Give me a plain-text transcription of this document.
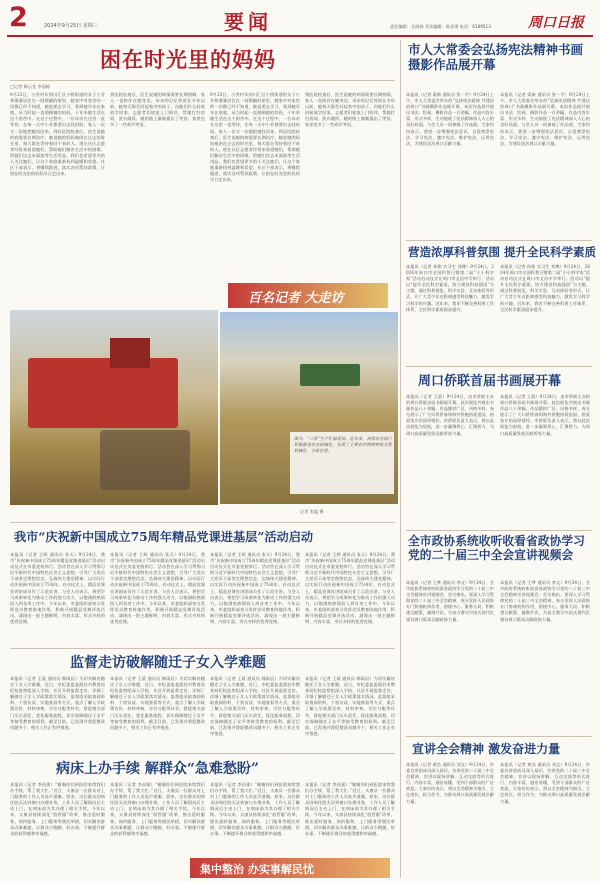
2	2024年9月25日 星期三	要闻	责任编辑：凡丽娟 美术编辑：陈亚琪 电话：6189513	周口日报
困在时光里的妈妈
□记者 韩云龙 李国栋
9月23日，小洪村年到川汇区小桥街道的女子小芳和婆婆居住在一间简陋的屋里，她家中对家里的一切都已经不知道，她是要去学习，看到她早年在家庭，从当时起一直照顾她的妈妈，十年来她生活在这个困苦中。在这个过程中，一位母亲在这里一直等待，在每一天中小芳都要出去找妈妈，家人一次又一次地把她找回来。到县医院检查后，医生说她的病需要长期治疗。她说她的妈妈被困在过去的时光里，每天都在等待着回不来的人。现在社区志愿者经常来看望她们，帮助她们解决生活中的困难，给她们送去米面油等生活用品。我们也希望更多的人关注她们，让这个家庭重新找到温暖和希望。社区干部表示，将继续跟进，落实各项帮扶政策，让困在时光里的妈妈早日走出来。
到医院检查后，医生说她的病情需要长期照顾，家人一直陪伴在她身边。母亲的记忆停留在多年以前，她每天都会问起家中的孩子，问他们什么时候放学回家。志愿者们轮流上门陪伴，帮她打扫房间、洗衣做饭。她的脸上渐渐露出了笑容，家里也多了一些欢声笑语。
9月23日，小洪村年到川汇区小桥街道的女子小芳和婆婆居住在一间简陋的屋里，她家中对家里的一切都已经不知道，她是要去学习，看到她早年在家庭，从当时起一直照顾她的妈妈，十年来她生活在这个困苦中。在这个过程中，一位母亲在这里一直等待，在每一天中小芳都要出去找妈妈，家人一次又一次地把她找回来。到县医院检查后，医生说她的病需要长期治疗。她说她的妈妈被困在过去的时光里，每天都在等待着回不来的人。现在社区志愿者经常来看望她们，帮助她们解决生活中的困难，给她们送去米面油等生活用品。我们也希望更多的人关注她们，让这个家庭重新找到温暖和希望。社区干部表示，将继续跟进，落实各项帮扶政策，让困在时光里的妈妈早日走出来。
到医院检查后，医生说她的病情需要长期照顾，家人一直陪伴在她身边。母亲的记忆停留在多年以前，她每天都会问起家中的孩子，问他们什么时候放学回家。志愿者们轮流上门陪伴，帮她打扫房间、洗衣做饭。她的脸上渐渐露出了笑容，家里也多了一些欢声笑语。
百名记者 大走访
图为：“三秋”生产忙碌现场。近年来，各级农业部门积极推进农业机械化，实现了主要农作物耕种收全程机械化，丰收在望。
记者 张猛 摄
我市“庆祝新中国成立75周年精品党课进基层”活动启动
本报讯（记者 王辉 通讯员 张天）9月24日，我市“庆祝新中国成立75周年精品党课进基层”活动启动仪式在市委党校举行。活动旨在深入学习贯彻习近平新时代中国特色社会主义思想，引导广大党员干部坚定理想信念，弘扬伟大建党精神，以实际行动庆祝新中国成立75周年。启动仪式上，精品党课宣讲团成员作了示范宣讲。与会人员表示，将把学习成果转化为推动工作的强大动力，以饱满的热情投入到各项工作中。今年以来，市委组织部充分发挥党员教育阵地作用，积极开展精品党课评选活动，涌现出一批主题鲜明、内容丰富、形式多样的优秀党课。
本报讯（记者 王辉 通讯员 张天）9月24日，我市“庆祝新中国成立75周年精品党课进基层”活动启动仪式在市委党校举行。活动旨在深入学习贯彻习近平新时代中国特色社会主义思想，引导广大党员干部坚定理想信念，弘扬伟大建党精神，以实际行动庆祝新中国成立75周年。启动仪式上，精品党课宣讲团成员作了示范宣讲。与会人员表示，将把学习成果转化为推动工作的强大动力，以饱满的热情投入到各项工作中。今年以来，市委组织部充分发挥党员教育阵地作用，积极开展精品党课评选活动，涌现出一批主题鲜明、内容丰富、形式多样的优秀党课。
本报讯（记者 王辉 通讯员 张天）9月24日，我市“庆祝新中国成立75周年精品党课进基层”活动启动仪式在市委党校举行。活动旨在深入学习贯彻习近平新时代中国特色社会主义思想，引导广大党员干部坚定理想信念，弘扬伟大建党精神，以实际行动庆祝新中国成立75周年。启动仪式上，精品党课宣讲团成员作了示范宣讲。与会人员表示，将把学习成果转化为推动工作的强大动力，以饱满的热情投入到各项工作中。今年以来，市委组织部充分发挥党员教育阵地作用，积极开展精品党课评选活动，涌现出一批主题鲜明、内容丰富、形式多样的优秀党课。
本报讯（记者 王辉 通讯员 张天）9月24日，我市“庆祝新中国成立75周年精品党课进基层”活动启动仪式在市委党校举行。活动旨在深入学习贯彻习近平新时代中国特色社会主义思想，引导广大党员干部坚定理想信念，弘扬伟大建党精神，以实际行动庆祝新中国成立75周年。启动仪式上，精品党课宣讲团成员作了示范宣讲。与会人员表示，将把学习成果转化为推动工作的强大动力，以饱满的热情投入到各项工作中。今年以来，市委组织部充分发挥党员教育阵地作用，积极开展精品党课评选活动，涌现出一批主题鲜明、内容丰富、形式多样的优秀党课。
监督走访破解随迁子女入学难题
本报讯（记者 王晨 通讯员 韩雨辰）为切实解决随迁子女入学难题，近日，市纪委监委派驻市教育局纪检监察组深入学校、社区开展监督走访，详细了解随迁子女入学政策落实情况。监督组采取查阅资料、个别访谈、实地查看等方式，重点了解入学政策宣传、材料审核、学位分配等环节，督促相关部门压实责任，优化服务流程，切实保障随迁子女平等接受教育的权利。截至目前，已发现并督促整改问题多个，相关工作正有序推进。
本报讯（记者 王晨 通讯员 韩雨辰）为切实解决随迁子女入学难题，近日，市纪委监委派驻市教育局纪检监察组深入学校、社区开展监督走访，详细了解随迁子女入学政策落实情况。监督组采取查阅资料、个别访谈、实地查看等方式，重点了解入学政策宣传、材料审核、学位分配等环节，督促相关部门压实责任，优化服务流程，切实保障随迁子女平等接受教育的权利。截至目前，已发现并督促整改问题多个，相关工作正有序推进。
本报讯（记者 王晨 通讯员 韩雨辰）为切实解决随迁子女入学难题，近日，市纪委监委派驻市教育局纪检监察组深入学校、社区开展监督走访，详细了解随迁子女入学政策落实情况。监督组采取查阅资料、个别访谈、实地查看等方式，重点了解入学政策宣传、材料审核、学位分配等环节，督促相关部门压实责任，优化服务流程，切实保障随迁子女平等接受教育的权利。截至目前，已发现并督促整改问题多个，相关工作正有序推进。
本报讯（记者 王晨 通讯员 韩雨辰）为切实解决随迁子女入学难题，近日，市纪委监委派驻市教育局纪检监察组深入学校、社区开展监督走访，详细了解随迁子女入学政策落实情况。监督组采取查阅资料、个别访谈、实地查看等方式，重点了解入学政策宣传、材料审核、学位分配等环节，督促相关部门压实责任，优化服务流程，切实保障随迁子女平等接受教育的权利。截至目前，已发现并督促整改问题多个，相关工作正有序推进。
病床上办手续 解群众“急难愁盼”
本报讯（记者 李昌建）“谢谢你们到医院来给我们办手续，帮了我大忙。”近日，太康县一位群众对上门服务的工作人员连声道谢。原来，这位群众因病住院无法到窗口办理业务，工作人员了解情况后主动上门，在病床前为其办理了相关手续。今年以来，太康县持续深化“放管服”改革，推出延时服务、预约服务、上门服务等便民举措，切实解决群众办事难题，让群众少跑腿、好办事，不断提升群众的获得感和幸福感。
本报讯（记者 李昌建）“谢谢你们到医院来给我们办手续，帮了我大忙。”近日，太康县一位群众对上门服务的工作人员连声道谢。原来，这位群众因病住院无法到窗口办理业务，工作人员了解情况后主动上门，在病床前为其办理了相关手续。今年以来，太康县持续深化“放管服”改革，推出延时服务、预约服务、上门服务等便民举措，切实解决群众办事难题，让群众少跑腿、好办事，不断提升群众的获得感和幸福感。
本报讯（记者 李昌建）“谢谢你们到医院来给我们办手续，帮了我大忙。”近日，太康县一位群众对上门服务的工作人员连声道谢。原来，这位群众因病住院无法到窗口办理业务，工作人员了解情况后主动上门，在病床前为其办理了相关手续。今年以来，太康县持续深化“放管服”改革，推出延时服务、预约服务、上门服务等便民举措，切实解决群众办事难题，让群众少跑腿、好办事，不断提升群众的获得感和幸福感。
本报讯（记者 李昌建）“谢谢你们到医院来给我们办手续，帮了我大忙。”近日，太康县一位群众对上门服务的工作人员连声道谢。原来，这位群众因病住院无法到窗口办理业务，工作人员了解情况后主动上门，在病床前为其办理了相关手续。今年以来，太康县持续深化“放管服”改革，推出延时服务、预约服务、上门服务等便民举措，切实解决群众办事难题，让群众少跑腿、好办事，不断提升群众的获得感和幸福感。
集中整治 办实事解民忧
市人大常委会弘扬宪法精神书画摄影作品展开幕
本报讯（记者 梁新 通讯员 张一平）9月24日上午，市人大常委会举办的“弘扬宪法精神 共建法治周口”书画摄影作品展开幕。本次作品展共展出书法、绘画、摄影作品一百余幅，作品内容丰富、形式多样，生动展现了宪法精神深入人心的良好局面。与会人员一同参观了作品展。大家纷纷表示，要进一步增强宪法意识，自觉尊崇宪法、学习宪法、遵守宪法、维护宪法、运用宪法，为建设法治周口贡献力量。
本报讯（记者 梁新 通讯员 张一平）9月24日上午，市人大常委会举办的“弘扬宪法精神 共建法治周口”书画摄影作品展开幕。本次作品展共展出书法、绘画、摄影作品一百余幅，作品内容丰富、形式多样，生动展现了宪法精神深入人心的良好局面。与会人员一同参观了作品展。大家纷纷表示，要进一步增强宪法意识，自觉尊崇宪法、学习宪法、遵守宪法、维护宪法、运用宪法，为建设法治周口贡献力量。
营造浓厚科普氛围 提升全民科学素质
本报讯（记者 孙铭 实习生 刘博）9月24日，2024年周口市全国科普日暨第二届“小小科学家”活动启动仪式在周口市文昌中学举行。活动以“提升全民科学素质，协力建设科技强国”为主题，通过科普展览、科学实验、互动体验等形式，让广大青少年近距离感受科技魅力，激发学习科学的兴趣。近年来，我市不断完善科普工作体系，全民科学素质稳步提升。
本报讯（记者 孙铭 实习生 刘博）9月24日，2024年周口市全国科普日暨第二届“小小科学家”活动启动仪式在周口市文昌中学举行。活动以“提升全民科学素质，协力建设科技强国”为主题，通过科普展览、科学实验、互动体验等形式，让广大青少年近距离感受科技魅力，激发学习科学的兴趣。近年来，我市不断完善科普工作体系，全民科学素质稳步提升。
周口侨联首届书画展开幕
本报讯（记者 王晨）9月24日，由市侨联主办的周口侨联首届书画展开幕。此次展览共展出书画作品八十余幅，作品题材广泛、风格多样，充分展示了广大归侨侨眷和海外侨胞热爱祖国、热爱家乡的深厚情怀。市侨联负责人表示，将以此次展览为契机，进一步凝聚侨心、汇聚侨力，为周口高质量发展贡献侨界力量。
本报讯（记者 王晨）9月24日，由市侨联主办的周口侨联首届书画展开幕。此次展览共展出书画作品八十余幅，作品题材广泛、风格多样，充分展示了广大归侨侨眷和海外侨胞热爱祖国、热爱家乡的深厚情怀。市侨联负责人表示，将以此次展览为契机，进一步凝聚侨心、汇聚侨力，为周口高质量发展贡献侨界力量。
全市政协系统收听收看省政协学习党的二十届三中全会宣讲视频会
本报讯（记者 王梦 通讯员 李文）9月24日，全市政协系统收听收看省政协学习党的二十届三中全会精神宣讲视频会。会议指出，要深入学习贯彻党的二十届三中全会精神，充分发挥人民政协专门协商机构作用，围绕中心、服务大局，积极建言献策，凝聚共识，为奋力谱写中国式现代化建设周口篇章贡献政协力量。
本报讯（记者 王梦 通讯员 李文）9月24日，全市政协系统收听收看省政协学习党的二十届三中全会精神宣讲视频会。会议指出，要深入学习贯彻党的二十届三中全会精神，充分发挥人民政协专门协商机构作用，围绕中心、服务大局，积极建言献策，凝聚共识，为奋力谱写中国式现代化建设周口篇章贡献政协力量。
宣讲全会精神 激发奋进力量
本报讯（记者 黄浩 通讯员 刘文）9月24日，市委宣讲团成员深入基层，宣讲党的二十届三中全会精神。宣讲以现场讲解、互动交流等形式进行，内容丰富，通俗易懂，受到干部群众的广泛欢迎。大家纷纷表示，将以全会精神为指引，立足岗位，担当作为，为推动周口高质量发展贡献力量。
本报讯（记者 黄浩 通讯员 刘文）9月24日，市委宣讲团成员深入基层，宣讲党的二十届三中全会精神。宣讲以现场讲解、互动交流等形式进行，内容丰富，通俗易懂，受到干部群众的广泛欢迎。大家纷纷表示，将以全会精神为指引，立足岗位，担当作为，为推动周口高质量发展贡献力量。
